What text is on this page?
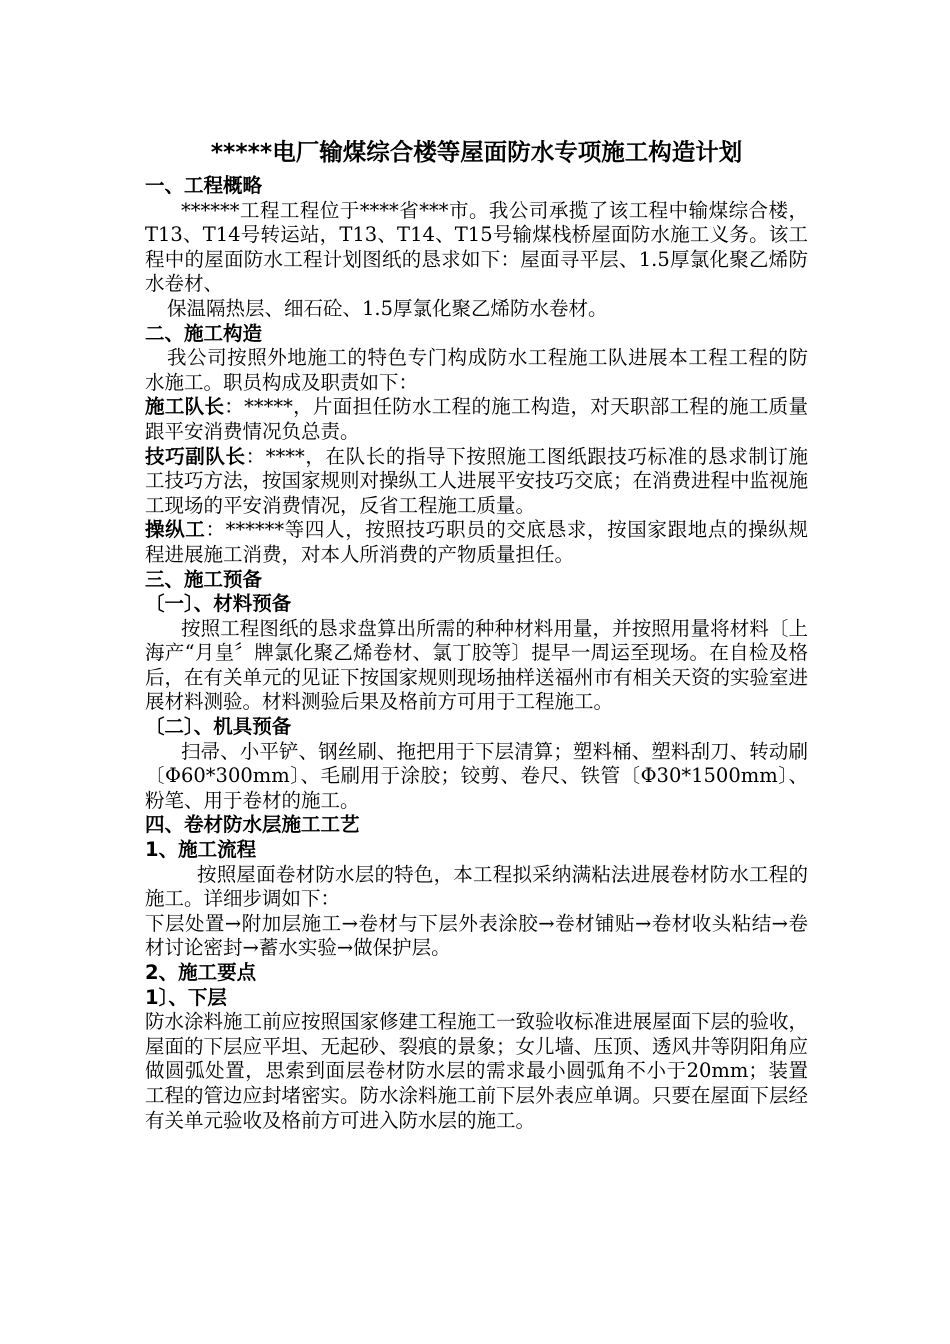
*****电厂输煤综合楼等屋面防水专项施工构造计划
一、工程概略
******工程工程位于****省***市。我公司承揽了该工程中输煤综合楼，T13、T14号转运站，T13、T14、T15号输煤栈桥屋面防水施工义务。该工程中的屋面防水工程计划图纸的恳求如下：屋面寻平层、1.5厚氯化聚乙烯防水卷材、
保温隔热层、细石砼、1.5厚氯化聚乙烯防水卷材。
二、施工构造
我公司按照外地施工的特色专门构成防水工程施工队进展本工程工程的防水施工。职员构成及职责如下：
施工队长：*****，片面担任防水工程的施工构造，对天职部工程的施工质量跟平安消费情况负总责。
技巧副队长：****，在队长的指导下按照施工图纸跟技巧标准的恳求制订施工技巧方法，按国家规则对操纵工人进展平安技巧交底；在消费进程中监视施工现场的平安消费情况，反省工程施工质量。
操纵工：******等四人，按照技巧职员的交底恳求，按国家跟地点的操纵规程进展施工消费，对本人所消费的产物质量担任。
三、施工预备
〔一〕、材料预备
按照工程图纸的恳求盘算出所需的种种材料用量，并按照用量将材料〔上海产“月皇〞牌氯化聚乙烯卷材、氯丁胶等〕提早一周运至现场。在自检及格后，在有关单元的见证下按国家规则现场抽样送福州市有相关天资的实验室进展材料测验。材料测验后果及格前方可用于工程施工。
〔二〕、机具预备
扫帚、小平铲、钢丝刷、拖把用于下层清算；塑料桶、塑料刮刀、转动刷〔Φ60*300mm〕、毛刷用于涂胶；铰剪、卷尺、铁管〔Φ30*1500mm〕、粉笔、用于卷材的施工。
四、卷材防水层施工工艺
1、施工流程
按照屋面卷材防水层的特色，本工程拟采纳满粘法进展卷材防水工程的施工。详细步调如下：
下层处置→附加层施工→卷材与下层外表涂胶→卷材铺贴→卷材收头粘结→卷材讨论密封→蓄水实验→做保护层。
2、施工要点
1〕、下层
防水涂料施工前应按照国家修建工程施工一致验收标准进展屋面下层的验收，屋面的下层应平坦、无起砂、裂痕的景象；女儿墙、压顶、透风井等阴阳角应做圆弧处置，思索到面层卷材防水层的需求最小圆弧角不小于20mm；装置工程的管边应封堵密实。防水涂料施工前下层外表应单调。只要在屋面下层经有关单元验收及格前方可进入防水层的施工。
